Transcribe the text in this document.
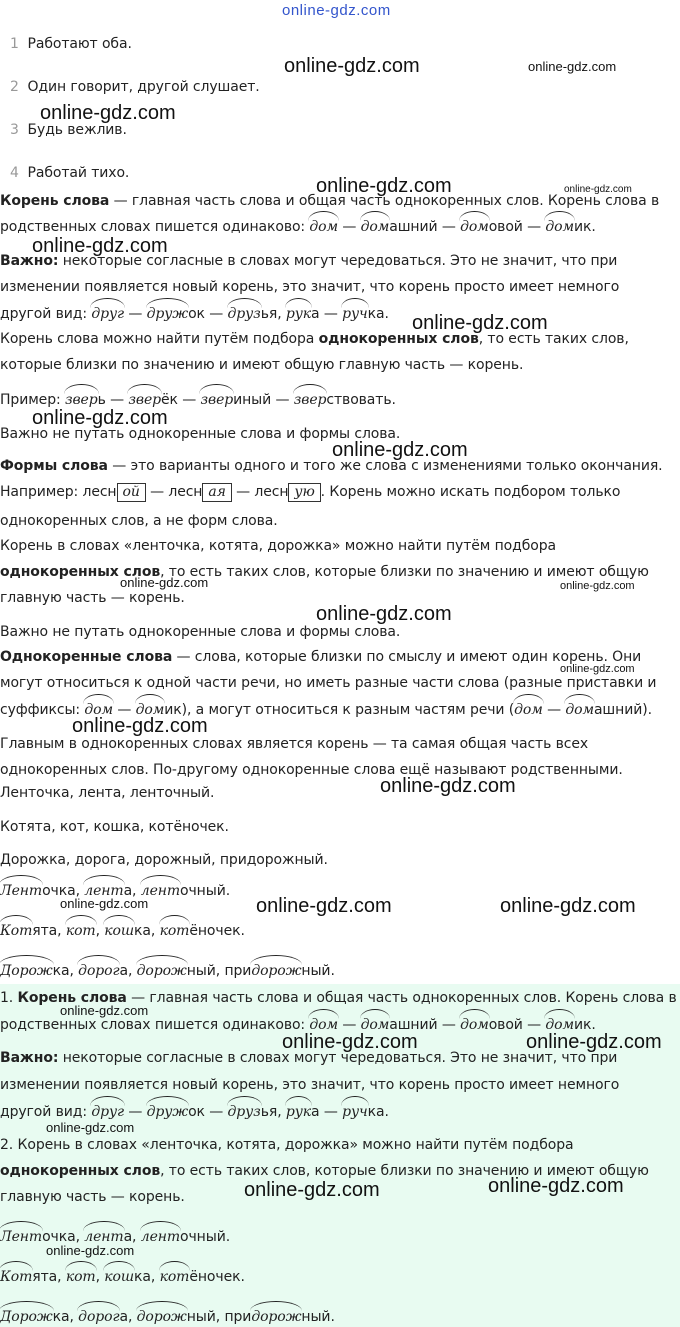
online-gdz.com
1 Работают оба.
2 Один говорит, другой слушает.
3 Будь вежлив.
4 Работай тихо.
Корень слова — главная часть слова и общая часть однокоренных слов. Корень слова в
родственных словах пишется одинаково: дом — домашний — домовой — домик.
Важно: некоторые согласные в словах могут чередоваться. Это не значит, что при
изменении появляется новый корень, это значит, что корень просто имеет немного
другой вид: друг — дружок — друзья, рука — ручка.
Корень слова можно найти путём подбора однокоренных слов, то есть таких слов,
которые близки по значению и имеют общую главную часть — корень.
Пример: зверь — зверёк — звериный — зверствовать.
Важно не путать однокоренные слова и формы слова.
Формы слова — это варианты одного и того же слова с изменениями только окончания.
Например: лесн ой — лесн ая — лесн ую . Корень можно искать подбором только
однокоренных слов, а не форм слова.
Корень в словах «ленточка, котята, дорожка» можно найти путём подбора
однокоренных слов, то есть таких слов, которые близки по значению и имеют общую
главную часть — корень.
Важно не путать однокоренные слова и формы слова.
Однокоренные слова — слова, которые близки по смыслу и имеют один корень. Они
могут относиться к одной части речи, но иметь разные части слова (разные приставки и
суффиксы: дом — домик), а могут относиться к разным частям речи (дом — домашний).
Главным в однокоренных словах является корень — та самая общая часть всех
однокоренных слов. По-другому однокоренные слова ещё называют родственными.
Ленточка, лента, ленточный.
Котята, кот, кошка, котёночек.
Дорожка, дорога, дорожный, придорожный.
Ленточка, лента, ленточный.
Котята, кот, кошка, котёночек.
Дорожка, дорога, дорожный, придорожный.
1. Корень слова — главная часть слова и общая часть однокоренных слов. Корень слова в
родственных словах пишется одинаково: дом — домашний — домовой — домик.
Важно: некоторые согласные в словах могут чередоваться. Это не значит, что при
изменении появляется новый корень, это значит, что корень просто имеет немного
другой вид: друг — дружок — друзья, рука — ручка.
2. Корень в словах «ленточка, котята, дорожка» можно найти путём подбора
однокоренных слов, то есть таких слов, которые близки по значению и имеют общую
главную часть — корень.
Ленточка, лента, ленточный.
Котята, кот, кошка, котёночек.
Дорожка, дорога, дорожный, придорожный.
online-gdz.com	online-gdz.com
online-gdz.com
online-gdz.com	online-gdz.com
online-gdz.com
online-gdz.com
online-gdz.com
online-gdz.com
online-gdz.com	online-gdz.com
online-gdz.com
online-gdz.com
online-gdz.com
online-gdz.com
online-gdz.com	online-gdz.com
online-gdz.com
online-gdz.com
online-gdz.com	online-gdz.com
online-gdz.com
online-gdz.com	online-gdz.com
online-gdz.com
